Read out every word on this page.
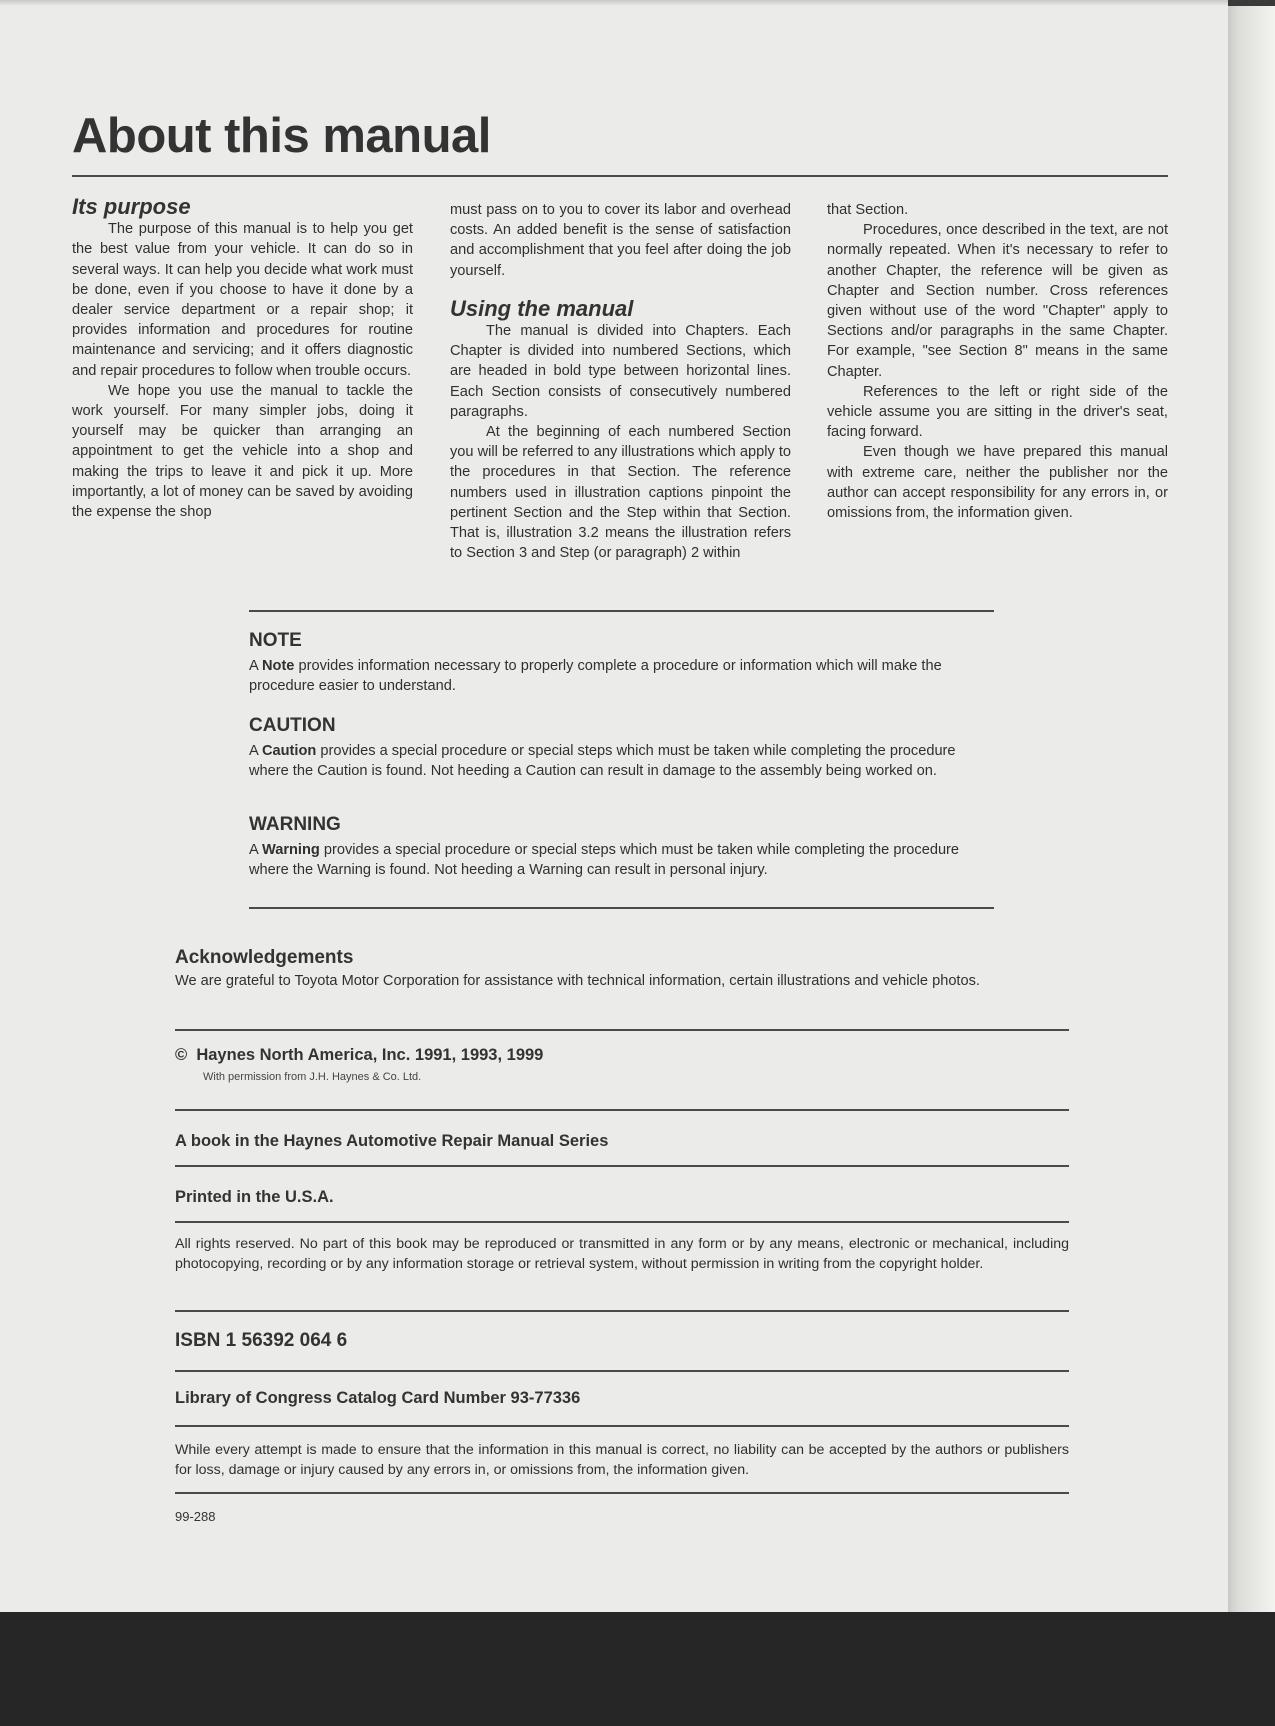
About this manual
Its purpose

The purpose of this manual is to help you get the best value from your vehicle. It can do so in several ways. It can help you decide what work must be done, even if you choose to have it done by a dealer service department or a repair shop; it provides information and procedures for routine maintenance and servicing; and it offers diagnostic and repair procedures to follow when trouble occurs.

We hope you use the manual to tackle the work yourself. For many simpler jobs, doing it yourself may be quicker than arranging an appointment to get the vehicle into a shop and making the trips to leave it and pick it up. More importantly, a lot of money can be saved by avoiding the expense the shop

must pass on to you to cover its labor and overhead costs. An added benefit is the sense of satisfaction and accomplishment that you feel after doing the job yourself.

Using the manual

The manual is divided into Chapters. Each Chapter is divided into numbered Sections, which are headed in bold type between horizontal lines. Each Section consists of consecutively numbered paragraphs.

At the beginning of each numbered Section you will be referred to any illustrations which apply to the procedures in that Section. The reference numbers used in illustration captions pinpoint the pertinent Section and the Step within that Section. That is, illustration 3.2 means the illustration refers to Section 3 and Step (or paragraph) 2 within

that Section.

Procedures, once described in the text, are not normally repeated. When it's necessary to refer to another Chapter, the reference will be given as Chapter and Section number. Cross references given without use of the word "Chapter" apply to Sections and/or paragraphs in the same Chapter. For example, "see Section 8" means in the same Chapter.

References to the left or right side of the vehicle assume you are sitting in the driver's seat, facing forward.

Even though we have prepared this manual with extreme care, neither the publisher nor the author can accept responsibility for any errors in, or omissions from, the information given.

NOTE

A Note provides information necessary to properly complete a procedure or information which will make the procedure easier to understand.

CAUTION

A Caution provides a special procedure or special steps which must be taken while completing the procedure where the Caution is found. Not heeding a Caution can result in damage to the assembly being worked on.

WARNING

A Warning provides a special procedure or special steps which must be taken while completing the procedure where the Warning is found. Not heeding a Warning can result in personal injury.

Acknowledgements

We are grateful to Toyota Motor Corporation for assistance with technical information, certain illustrations and vehicle photos.

© Haynes North America, Inc. 1991, 1993, 1999
With permission from J.H. Haynes & Co. Ltd.
A book in the Haynes Automotive Repair Manual Series
Printed in the U.S.A.
All rights reserved. No part of this book may be reproduced or transmitted in any form or by any means, electronic or mechanical, including photocopying, recording or by any information storage or retrieval system, without permission in writing from the copyright holder.
ISBN 1 56392 064 6
Library of Congress Catalog Card Number 93-77336
While every attempt is made to ensure that the information in this manual is correct, no liability can be accepted by the authors or publishers for loss, damage or injury caused by any errors in, or omissions from, the information given.
99-288
